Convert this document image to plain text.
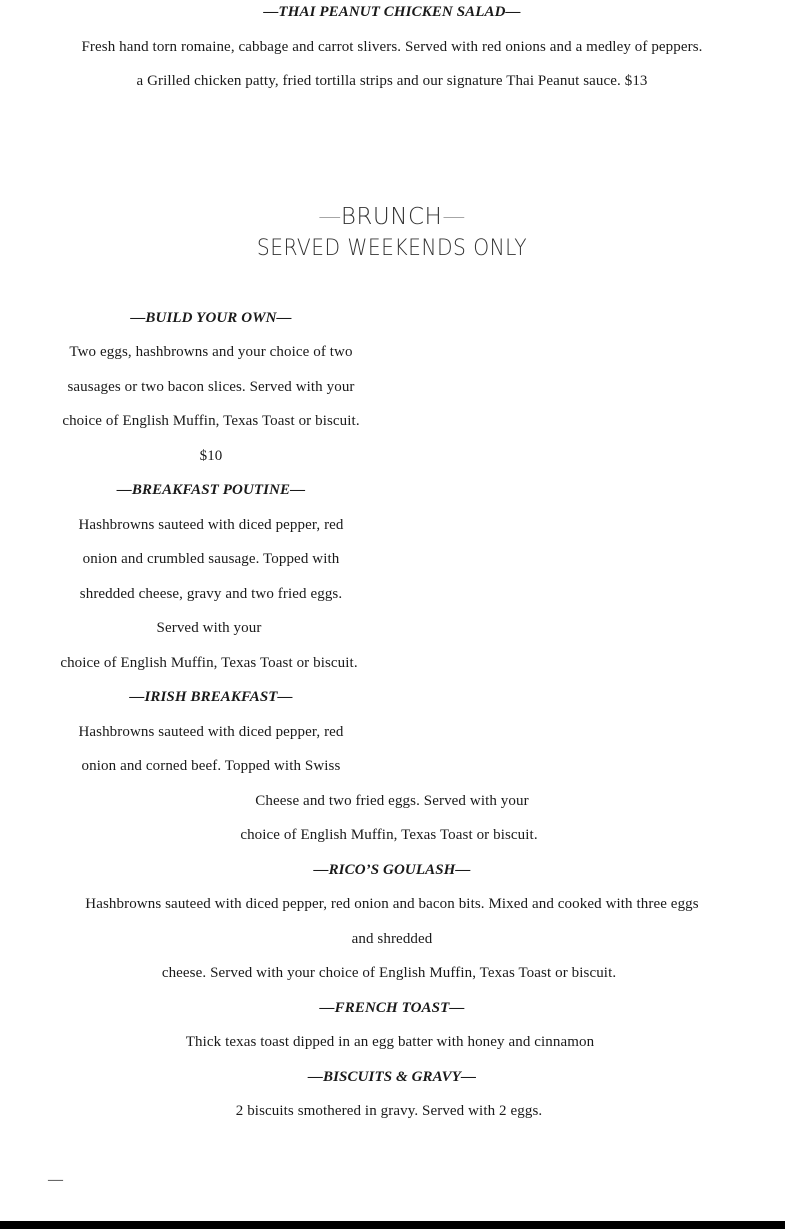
—THAI PEANUT CHICKEN SALAD—
Fresh hand torn romaine, cabbage and carrot slivers. Served with red onions and a medley of peppers.
a Grilled chicken patty, fried tortilla strips and our signature Thai Peanut sauce. $13
—BRUNCH—
SERVED WEEKENDS ONLY
—BUILD YOUR OWN—
Two eggs, hashbrowns and your choice of two
sausages or two bacon slices. Served with your
choice of English Muffin, Texas Toast or biscuit.
$10
—BREAKFAST POUTINE—
Hashbrowns sauteed with diced pepper, red
onion and crumbled sausage. Topped with
shredded cheese, gravy and two fried eggs.
Served with your
choice of English Muffin, Texas Toast or biscuit.
—IRISH BREAKFAST—
Hashbrowns sauteed with diced pepper, red
onion and corned beef. Topped with Swiss
Cheese and two fried eggs. Served with your
choice of English Muffin, Texas Toast or biscuit.
—RICO’S GOULASH—
Hashbrowns sauteed with diced pepper, red onion and bacon bits. Mixed and cooked with three eggs
and shredded
cheese. Served with your choice of English Muffin, Texas Toast or biscuit.
—FRENCH TOAST—
Thick texas toast dipped in an egg batter with honey and cinnamon
—BISCUITS & GRAVY—
2 biscuits smothered in gravy. Served with 2 eggs.
—
